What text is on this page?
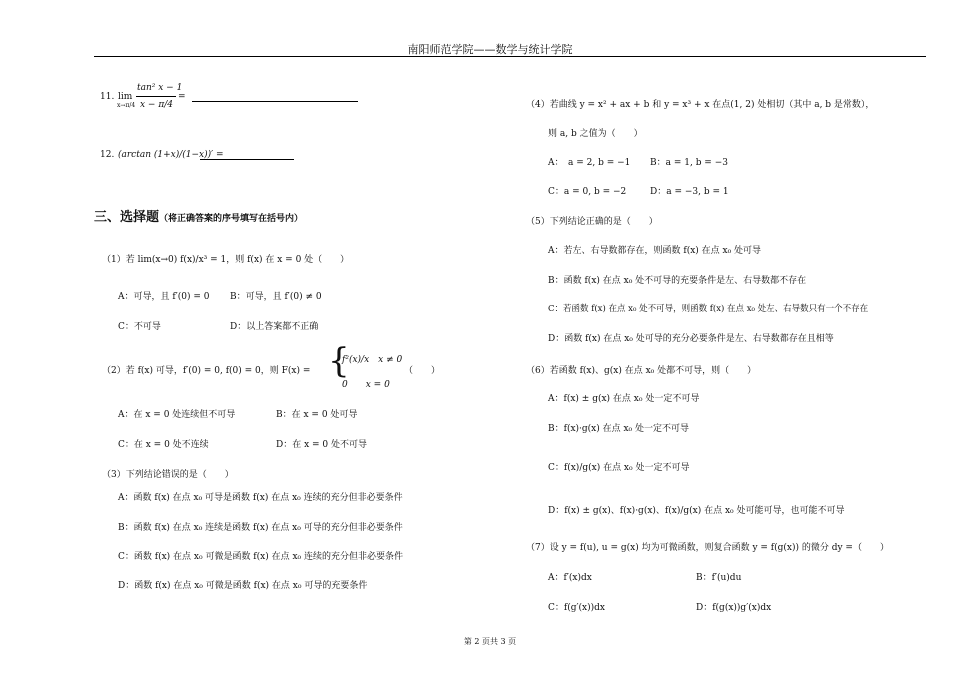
南阳师范学院——数学与统计学院
11. lim
x→π/4
tan² x − 1
x − π/4
=
12. (arctan (1+x)/(1−x))′ =
三、选择题（将正确答案的序号填写在括号内）
（1）若 lim(x→0) f(x)/x³ = 1，则 f(x) 在 x = 0 处（　　）
A：可导，且 f′(0) = 0 B：可导，且 f′(0) ≠ 0
C：不可导	D：以上答案都不正确
（2）若 f(x) 可导，f′(0) = 0, f(0) = 0，则 F(x) = {
f²(x)/x　x ≠ 0
0　　x = 0
（　　）
A：在 x = 0 处连续但不可导	B：在 x = 0 处可导
C：在 x = 0 处不连续	D：在 x = 0 处不可导
（3）下列结论错误的是（　　）
A：函数 f(x) 在点 x₀ 可导是函数 f(x) 在点 x₀ 连续的充分但非必要条件
B：函数 f(x) 在点 x₀ 连续是函数 f(x) 在点 x₀ 可导的充分但非必要条件
C：函数 f(x) 在点 x₀ 可微是函数 f(x) 在点 x₀ 连续的充分但非必要条件
D：函数 f(x) 在点 x₀ 可微是函数 f(x) 在点 x₀ 可导的充要条件
（4）若曲线 y = x² + ax + b 和 y = x³ + x 在点(1, 2) 处相切（其中 a, b 是常数），
则 a, b 之值为（　　）
A：　a = 2, b = −1 B：a = 1, b = −3
C：a = 0, b = −2	D：a = −3, b = 1
（5）下列结论正确的是（　　）
A：若左、右导数都存在，则函数 f(x) 在点 x₀ 处可导
B：函数 f(x) 在点 x₀ 处不可导的充要条件是左、右导数都不存在
C：若函数 f(x) 在点 x₀ 处不可导，则函数 f(x) 在点 x₀ 处左、右导数只有一个不存在
D：函数 f(x) 在点 x₀ 处可导的充分必要条件是左、右导数都存在且相等
（6）若函数 f(x)、g(x) 在点 x₀ 处都不可导，则（　　）
A：f(x) ± g(x) 在点 x₀ 处一定不可导
B：f(x)·g(x) 在点 x₀ 处一定不可导
C：f(x)/g(x) 在点 x₀ 处一定不可导
D：f(x) ± g(x)、f(x)·g(x)、f(x)/g(x) 在点 x₀ 处可能可导，也可能不可导
（7）设 y = f(u), u = g(x) 均为可微函数，则复合函数 y = f(g(x)) 的微分 dy =（　　）
A：f′(x)dx	B：f′(u)du
C：f(g′(x))dx	D：f(g(x))g′(x)dx
第 2 页共 3 页
